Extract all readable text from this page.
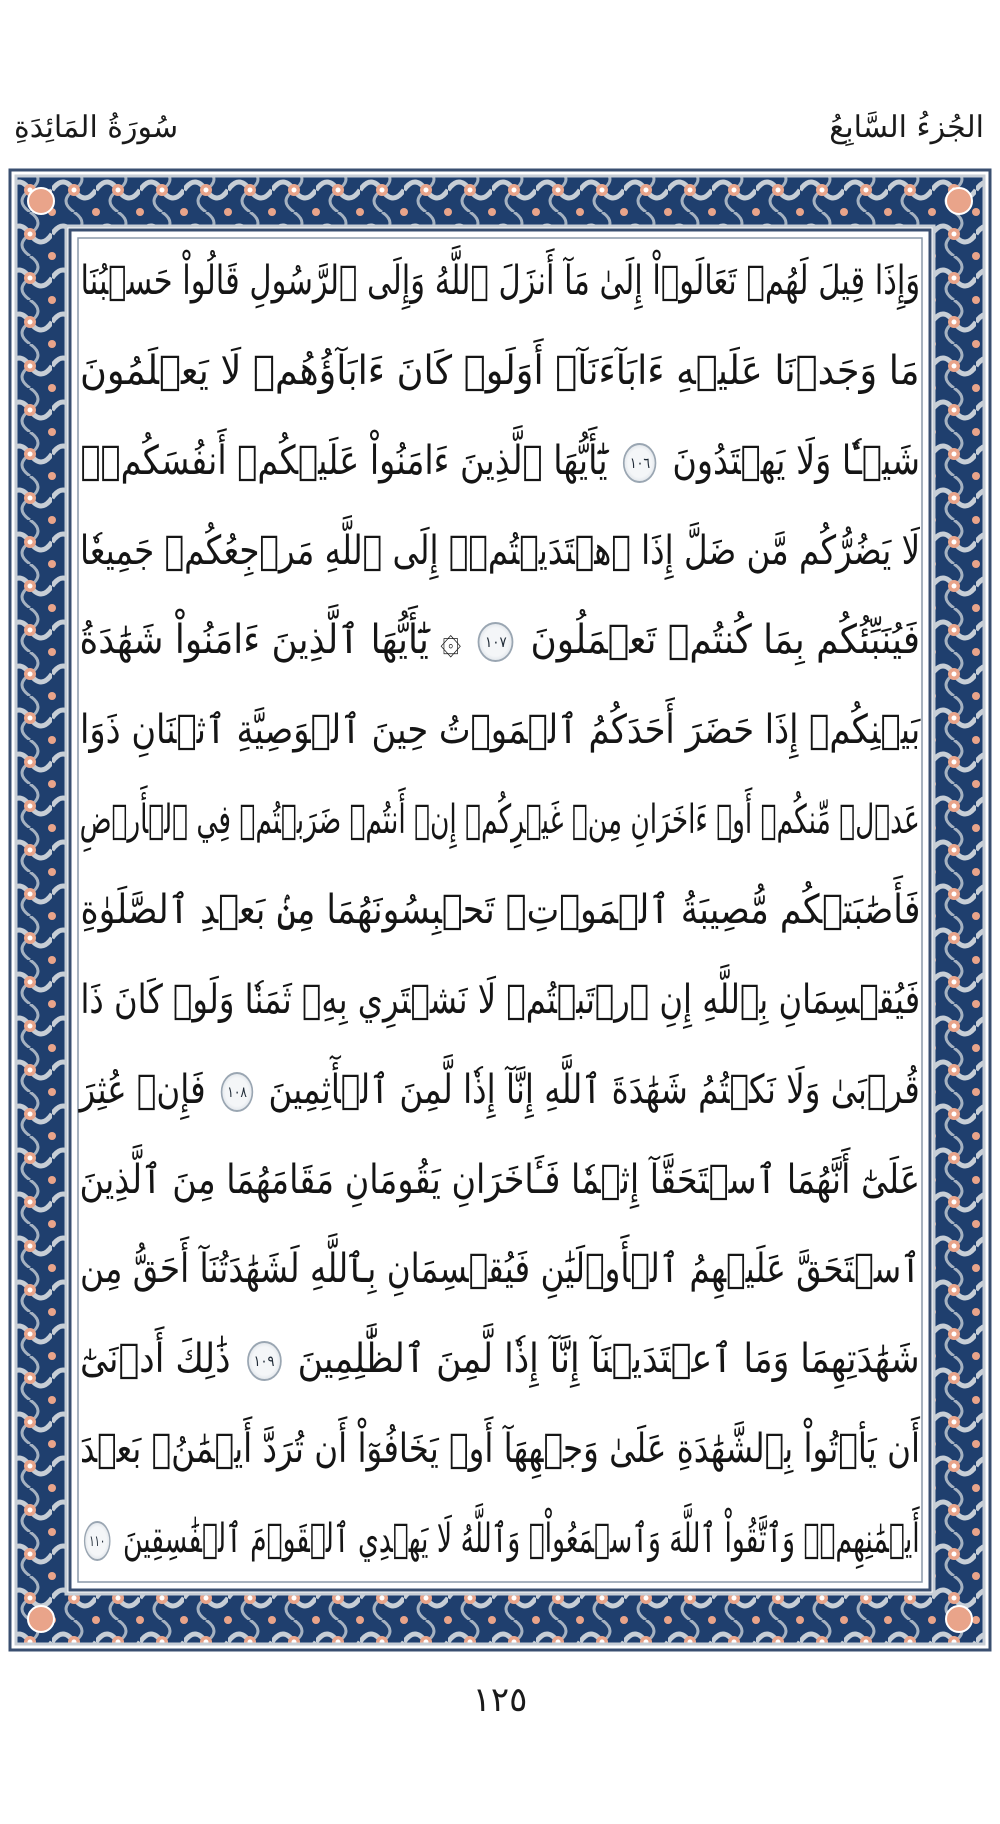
الجُزءُ السَّابِعُ
سُورَةُ المَائِدَةِ
وَإِذَا قِيلَ لَهُمۡ تَعَالَوۡاْ إِلَىٰ مَآ أَنزَلَ ٱللَّهُ وَإِلَى ٱلرَّسُولِ قَالُواْ حَسۡبُنَا
مَا وَجَدۡنَا عَلَيۡهِ ءَابَآءَنَآۚ أَوَلَوۡ كَانَ ءَابَآؤُهُمۡ لَا يَعۡلَمُونَ
شَيۡـٔٗا وَلَا يَهۡتَدُونَ ١٠٦ يَٰٓأَيُّهَا ٱلَّذِينَ ءَامَنُواْ عَلَيۡكُمۡ أَنفُسَكُمۡۖ
لَا يَضُرُّكُم مَّن ضَلَّ إِذَا ٱهۡتَدَيۡتُمۡۚ إِلَى ٱللَّهِ مَرۡجِعُكُمۡ جَمِيعٗا
فَيُنَبِّئُكُم بِمَا كُنتُمۡ تَعۡمَلُونَ ١٠٧ ۞ يَٰٓأَيُّهَا ٱلَّذِينَ ءَامَنُواْ شَهَٰدَةُ
بَيۡنِكُمۡ إِذَا حَضَرَ أَحَدَكُمُ ٱلۡمَوۡتُ حِينَ ٱلۡوَصِيَّةِ ٱثۡنَانِ ذَوَا
عَدۡلٖ مِّنكُمۡ أَوۡ ءَاخَرَانِ مِنۡ غَيۡرِكُمۡ إِنۡ أَنتُمۡ ضَرَبۡتُمۡ فِي ٱلۡأَرۡضِ
فَأَصَٰبَتۡكُم مُّصِيبَةُ ٱلۡمَوۡتِۚ تَحۡبِسُونَهُمَا مِنۢ بَعۡدِ ٱلصَّلَوٰةِ
فَيُقۡسِمَانِ بِٱللَّهِ إِنِ ٱرۡتَبۡتُمۡ لَا نَشۡتَرِي بِهِۦ ثَمَنٗا وَلَوۡ كَانَ ذَا
قُرۡبَىٰ وَلَا نَكۡتُمُ شَهَٰدَةَ ٱللَّهِ إِنَّآ إِذٗا لَّمِنَ ٱلۡأٓثِمِينَ ١٠٨ فَإِنۡ عُثِرَ
عَلَىٰٓ أَنَّهُمَا ٱسۡتَحَقَّآ إِثۡمٗا فَـَٔاخَرَانِ يَقُومَانِ مَقَامَهُمَا مِنَ ٱلَّذِينَ
ٱسۡتَحَقَّ عَلَيۡهِمُ ٱلۡأَوۡلَيَٰنِ فَيُقۡسِمَانِ بِٱللَّهِ لَشَهَٰدَتُنَآ أَحَقُّ مِن
شَهَٰدَتِهِمَا وَمَا ٱعۡتَدَيۡنَآ إِنَّآ إِذٗا لَّمِنَ ٱلظَّٰلِمِينَ ١٠٩ ذَٰلِكَ أَدۡنَىٰٓ
أَن يَأۡتُواْ بِٱلشَّهَٰدَةِ عَلَىٰ وَجۡهِهَآ أَوۡ يَخَافُوٓاْ أَن تُرَدَّ أَيۡمَٰنُۢ بَعۡدَ
أَيۡمَٰنِهِمۡۗ وَٱتَّقُواْ ٱللَّهَ وَٱسۡمَعُواْۗ وَٱللَّهُ لَا يَهۡدِي ٱلۡقَوۡمَ ٱلۡفَٰسِقِينَ ١١٠
١٢٥
